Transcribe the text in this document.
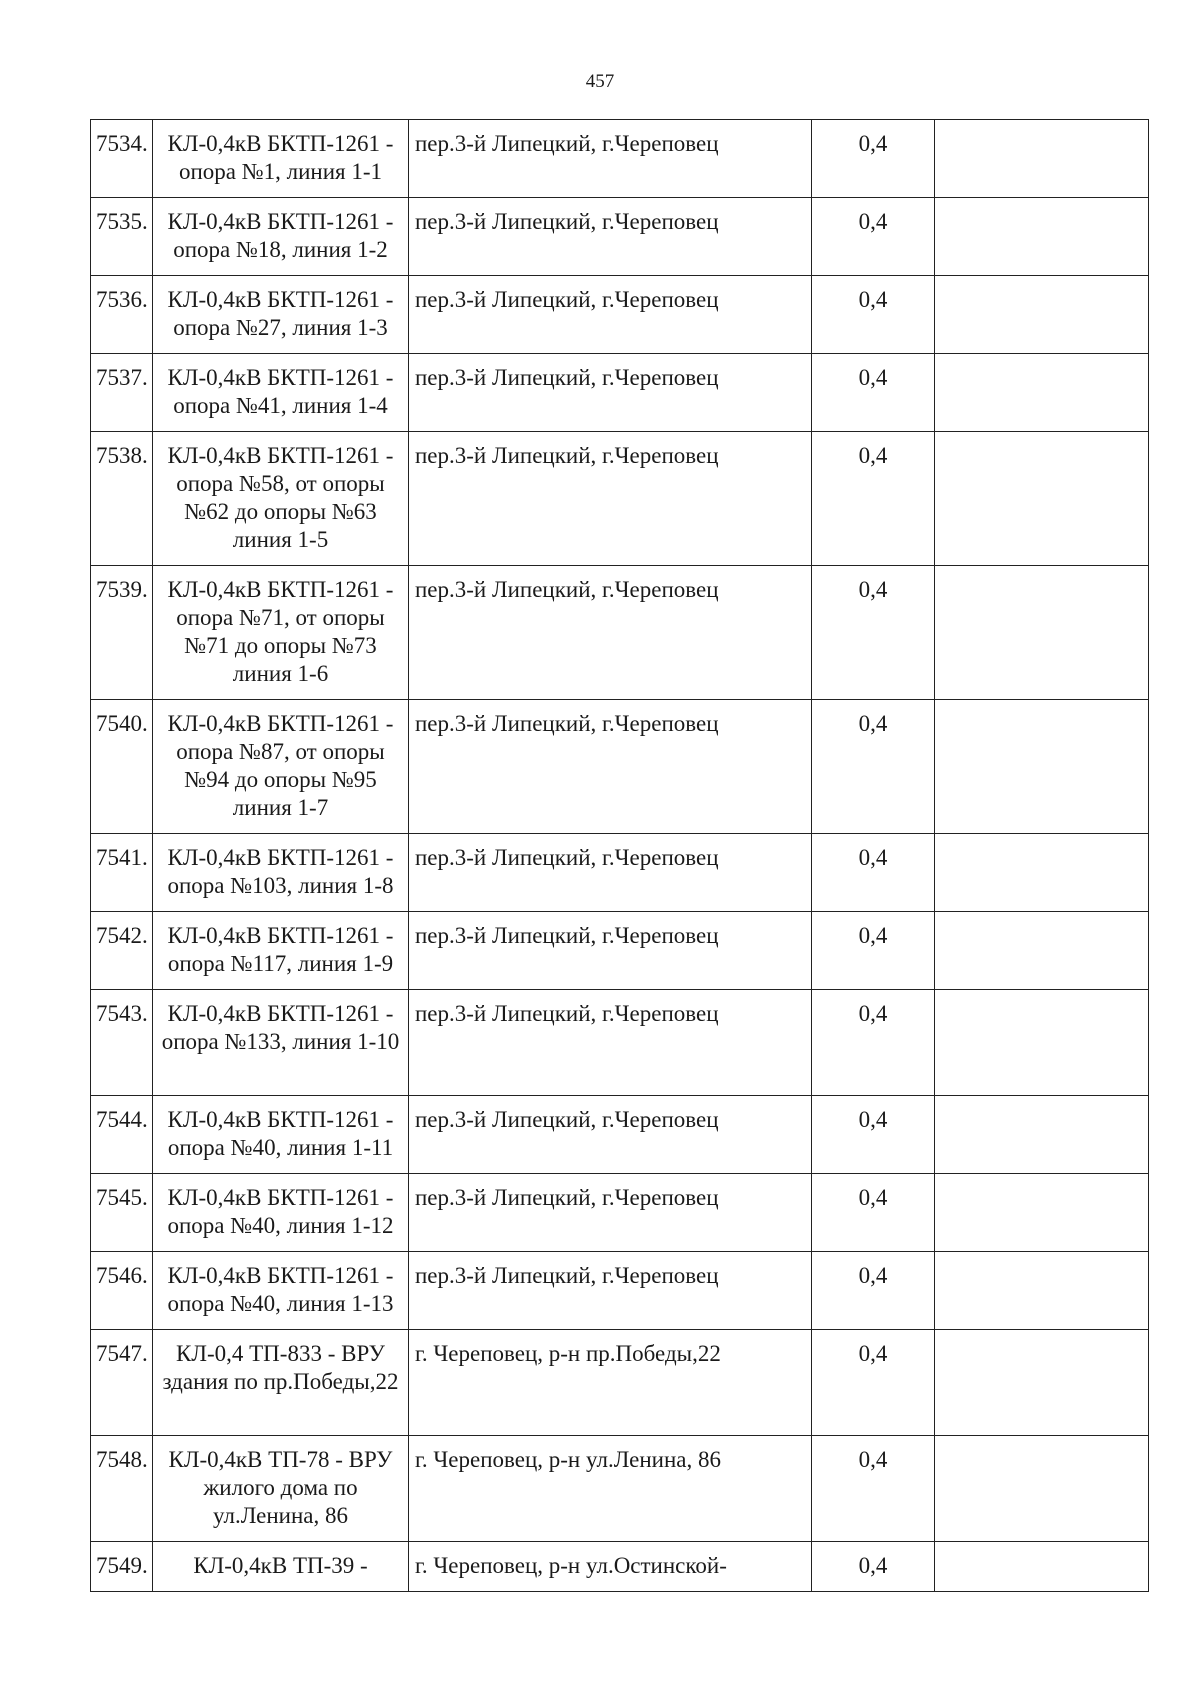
457
7534.	КЛ-0,4кВ БКТП-1261 - опора №1, линия 1-1	пер.3-й Липецкий, г.Череповец	0,4	
7535.	КЛ-0,4кВ БКТП-1261 - опора №18, линия 1-2	пер.3-й Липецкий, г.Череповец	0,4	
7536.	КЛ-0,4кВ БКТП-1261 - опора №27, линия 1-3	пер.3-й Липецкий, г.Череповец	0,4	
7537.	КЛ-0,4кВ БКТП-1261 - опора №41, линия 1-4	пер.3-й Липецкий, г.Череповец	0,4	
7538.	КЛ-0,4кВ БКТП-1261 - опора №58, от опоры №62 до опоры №63 линия 1-5	пер.3-й Липецкий, г.Череповец	0,4	
7539.	КЛ-0,4кВ БКТП-1261 - опора №71, от опоры №71 до опоры №73 линия 1-6	пер.3-й Липецкий, г.Череповец	0,4	
7540.	КЛ-0,4кВ БКТП-1261 - опора №87, от опоры №94 до опоры №95 линия 1-7	пер.3-й Липецкий, г.Череповец	0,4	
7541.	КЛ-0,4кВ БКТП-1261 - опора №103, линия 1-8	пер.3-й Липецкий, г.Череповец	0,4	
7542.	КЛ-0,4кВ БКТП-1261 - опора №117, линия 1-9	пер.3-й Липецкий, г.Череповец	0,4	
7543.	КЛ-0,4кВ БКТП-1261 - опора №133, линия 1-10	пер.3-й Липецкий, г.Череповец	0,4	
7544.	КЛ-0,4кВ БКТП-1261 - опора №40, линия 1-11	пер.3-й Липецкий, г.Череповец	0,4	
7545.	КЛ-0,4кВ БКТП-1261 - опора №40, линия 1-12	пер.3-й Липецкий, г.Череповец	0,4	
7546.	КЛ-0,4кВ БКТП-1261 - опора №40, линия 1-13	пер.3-й Липецкий, г.Череповец	0,4	
7547.	КЛ-0,4 ТП-833 - ВРУ здания по пр.Победы,22	г. Череповец, р-н пр.Победы,22	0,4	
7548.	КЛ-0,4кВ ТП-78 - ВРУ жилого дома по ул.Ленина, 86	г. Череповец, р-н ул.Ленина, 86	0,4	
7549.	КЛ-0,4кВ ТП-39 -	г. Череповец, р-н ул.Остинской-	0,4	
